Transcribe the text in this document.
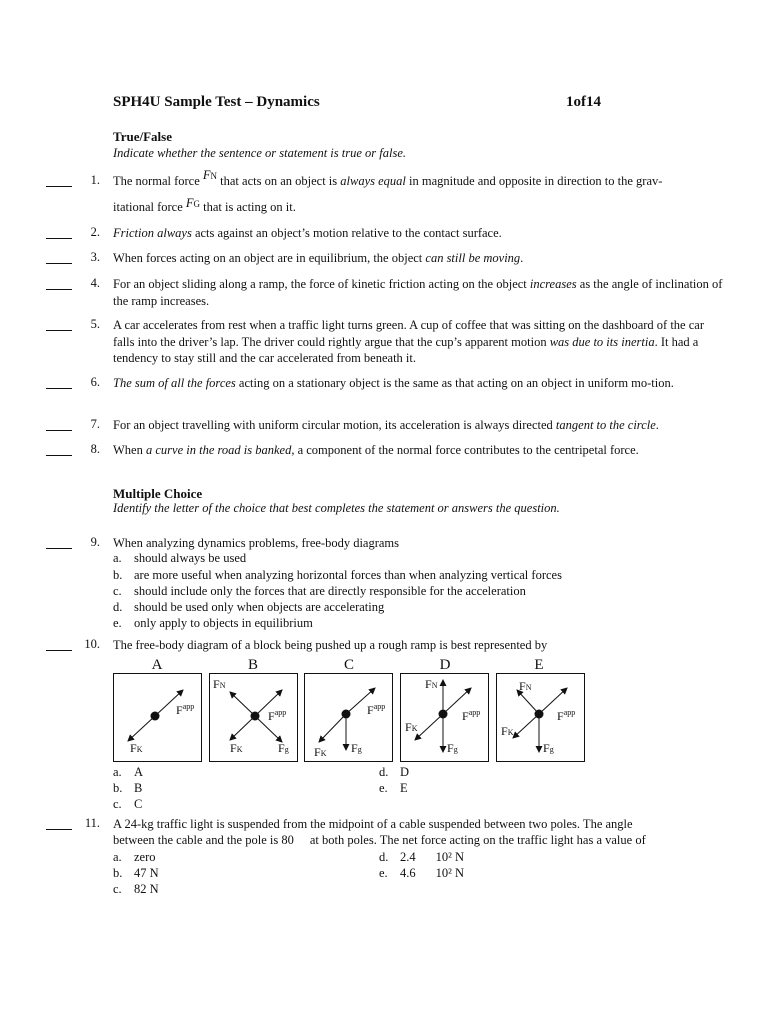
SPH4U Sample Test – Dynamics	1of14
True/False
Indicate whether the sentence or statement is true or false.
1. The normal force FN that acts on an object is always equal in magnitude and opposite in direction to the grav-
itational force FG that is acting on it.
2. Friction always acts against an object’s motion relative to the contact surface.
3. When forces acting on an object are in equilibrium, the object can still be moving.
4. For an object sliding along a ramp, the force of kinetic friction acting on the object increases as the angle of inclination of the ramp increases.
5. A car accelerates from rest when a traffic light turns green. A cup of coffee that was sitting on the dashboard of the car falls into the driver’s lap. The driver could rightly argue that the cup’s apparent motion was due to its inertia. It had a tendency to stay still and the car accelerated from beneath it.
6. The sum of all the forces acting on a stationary object is the same as that acting on an object in uniform mo-tion.
7. For an object travelling with uniform circular motion, its acceleration is always directed tangent to the circle.
8. When a curve in the road is banked, a component of the normal force contributes to the centripetal force.
Multiple Choice
Identify the letter of the choice that best completes the statement or answers the question.
9. When analyzing dynamics problems, free-body diagrams
a. should always be used
b. are more useful when analyzing horizontal forces than when analyzing vertical forces
c. should include only the forces that are directly responsible for the acceleration
d. should be used only when objects are accelerating
e. only apply to objects in equilibrium
10. The free-body diagram of a block being pushed up a rough ramp is best represented by
A	B	C	D	E
$F^{app}$
FK
FN
$F^{app}$
FK	Fg
$F^{app}$
FK Fg
FN
$F^{app}$
FK
Fg
FN
$F^{app}$
FK
Fg
a. A
b. B
c. C
d. D
e. E
11. A 24-kg traffic light is suspended from the midpoint of a cable suspended between two poles. The angle
between the cable and the pole is 80 at both poles. The net force acting on the traffic light has a value of
a. zero
b. 47 N
c. 82 N
d. 2.4 10² N
e. 4.6 10² N
